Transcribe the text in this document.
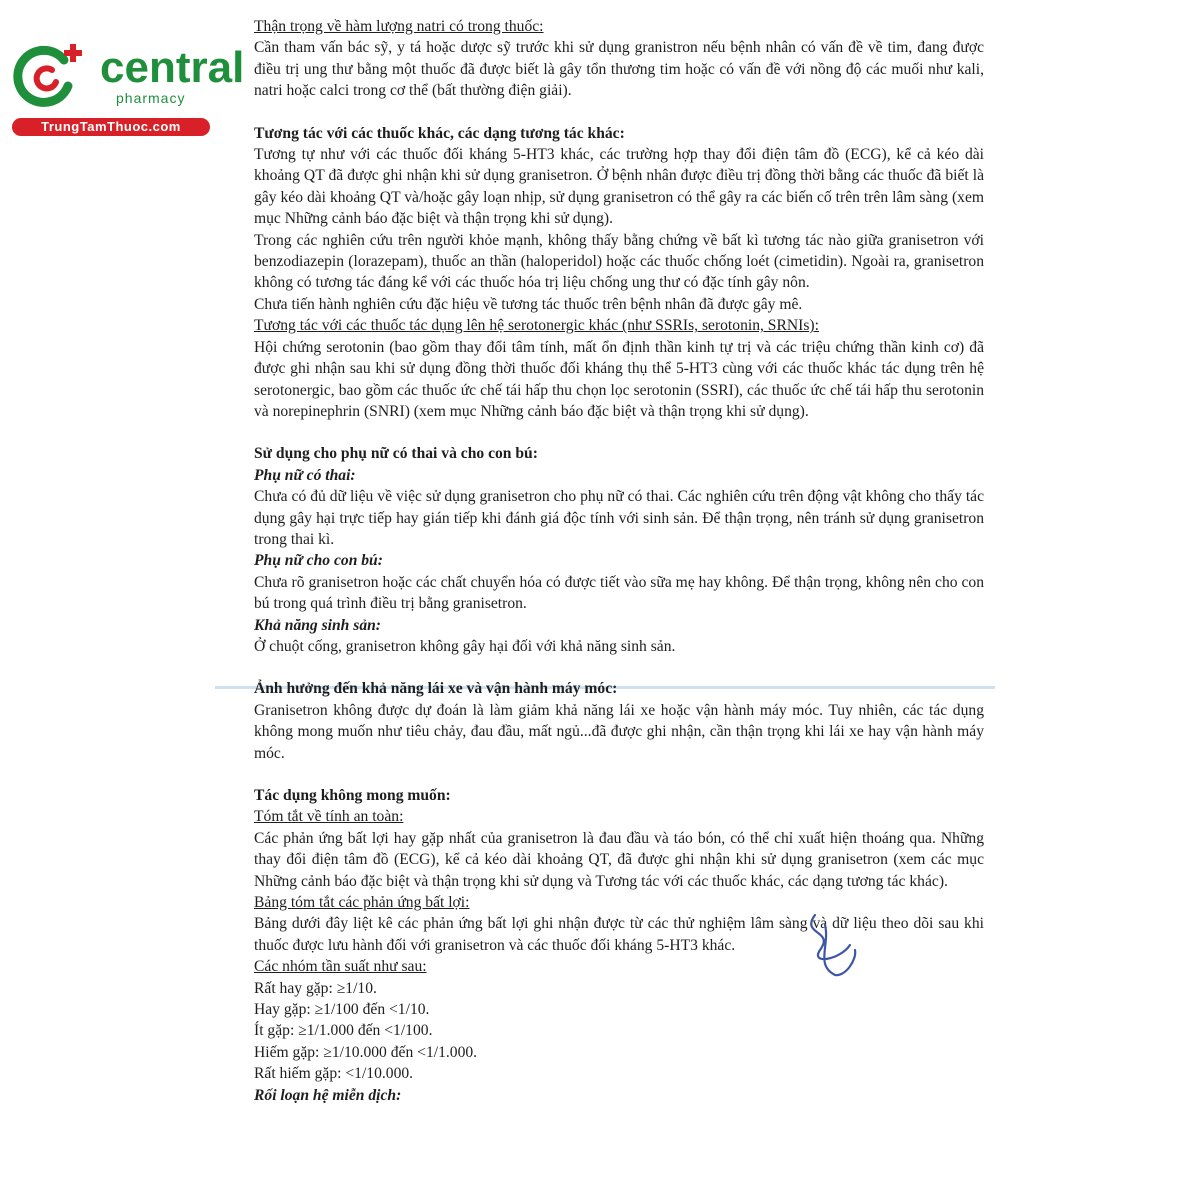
central
pharmacy
TrungTamThuoc.com

Thận trọng về hàm lượng natri có trong thuốc:

Cần tham vấn bác sỹ, y tá hoặc dược sỹ trước khi sử dụng granistron nếu bệnh nhân có vấn đề về tim, đang được điều trị ung thư bằng một thuốc đã được biết là gây tổn thương tim hoặc có vấn đề với nồng độ các muối như kali, natri hoặc calci trong cơ thể (bất thường điện giải).

Tương tác với các thuốc khác, các dạng tương tác khác:

Tương tự như với các thuốc đối kháng 5-HT3 khác, các trường hợp thay đổi điện tâm đồ (ECG), kể cả kéo dài khoảng QT đã được ghi nhận khi sử dụng granisetron. Ở bệnh nhân được điều trị đồng thời bằng các thuốc đã biết là gây kéo dài khoảng QT và/hoặc gây loạn nhịp, sử dụng granisetron có thể gây ra các biến cố trên trên lâm sàng (xem mục Những cảnh báo đặc biệt và thận trọng khi sử dụng).

Trong các nghiên cứu trên người khỏe mạnh, không thấy bằng chứng về bất kì tương tác nào giữa granisetron với benzodiazepin (lorazepam), thuốc an thần (haloperidol) hoặc các thuốc chống loét (cimetidin). Ngoài ra, granisetron không có tương tác đáng kể với các thuốc hóa trị liệu chống ung thư có đặc tính gây nôn.

Chưa tiến hành nghiên cứu đặc hiệu về tương tác thuốc trên bệnh nhân đã được gây mê.

Tương tác với các thuốc tác dụng lên hệ serotonergic khác (như SSRIs, serotonin, SRNIs):

Hội chứng serotonin (bao gồm thay đổi tâm tính, mất ổn định thần kinh tự trị và các triệu chứng thần kinh cơ) đã được ghi nhận sau khi sử dụng đồng thời thuốc đối kháng thụ thể 5-HT3 cùng với các thuốc khác tác dụng trên hệ serotonergic, bao gồm các thuốc ức chế tái hấp thu chọn lọc serotonin (SSRI), các thuốc ức chế tái hấp thu serotonin và norepinephrin (SNRI) (xem mục Những cảnh báo đặc biệt và thận trọng khi sử dụng).

Sử dụng cho phụ nữ có thai và cho con bú:

Phụ nữ có thai:

Chưa có đủ dữ liệu về việc sử dụng granisetron cho phụ nữ có thai. Các nghiên cứu trên động vật không cho thấy tác dụng gây hại trực tiếp hay gián tiếp khi đánh giá độc tính với sinh sản. Để thận trọng, nên tránh sử dụng granisetron trong thai kì.

Phụ nữ cho con bú:

Chưa rõ granisetron hoặc các chất chuyển hóa có được tiết vào sữa mẹ hay không. Để thận trọng, không nên cho con bú trong quá trình điều trị bằng granisetron.

Khả năng sinh sản:

Ở chuột cống, granisetron không gây hại đối với khả năng sinh sản.

Ảnh hưởng đến khả năng lái xe và vận hành máy móc:

Granisetron không được dự đoán là làm giảm khả năng lái xe hoặc vận hành máy móc. Tuy nhiên, các tác dụng không mong muốn như tiêu chảy, đau đầu, mất ngủ...đã được ghi nhận, cần thận trọng khi lái xe hay vận hành máy móc.

Tác dụng không mong muốn:

Tóm tắt về tính an toàn:

Các phản ứng bất lợi hay gặp nhất của granisetron là đau đầu và táo bón, có thể chỉ xuất hiện thoáng qua. Những thay đổi điện tâm đồ (ECG), kể cả kéo dài khoảng QT, đã được ghi nhận khi sử dụng granisetron (xem các mục Những cảnh báo đặc biệt và thận trọng khi sử dụng và Tương tác với các thuốc khác, các dạng tương tác khác).

Bảng tóm tắt các phản ứng bất lợi:

Bảng dưới đây liệt kê các phản ứng bất lợi ghi nhận được từ các thử nghiệm lâm sàng và dữ liệu theo dõi sau khi thuốc được lưu hành đối với granisetron và các thuốc đối kháng 5-HT3 khác.

Các nhóm tần suất như sau:

Rất hay gặp: ≥1/10.

Hay gặp: ≥1/100 đến <1/10.

Ít gặp: ≥1/1.000 đến <1/100.

Hiếm gặp: ≥1/10.000 đến <1/1.000.

Rất hiếm gặp: <1/10.000.

Rối loạn hệ miễn dịch:
